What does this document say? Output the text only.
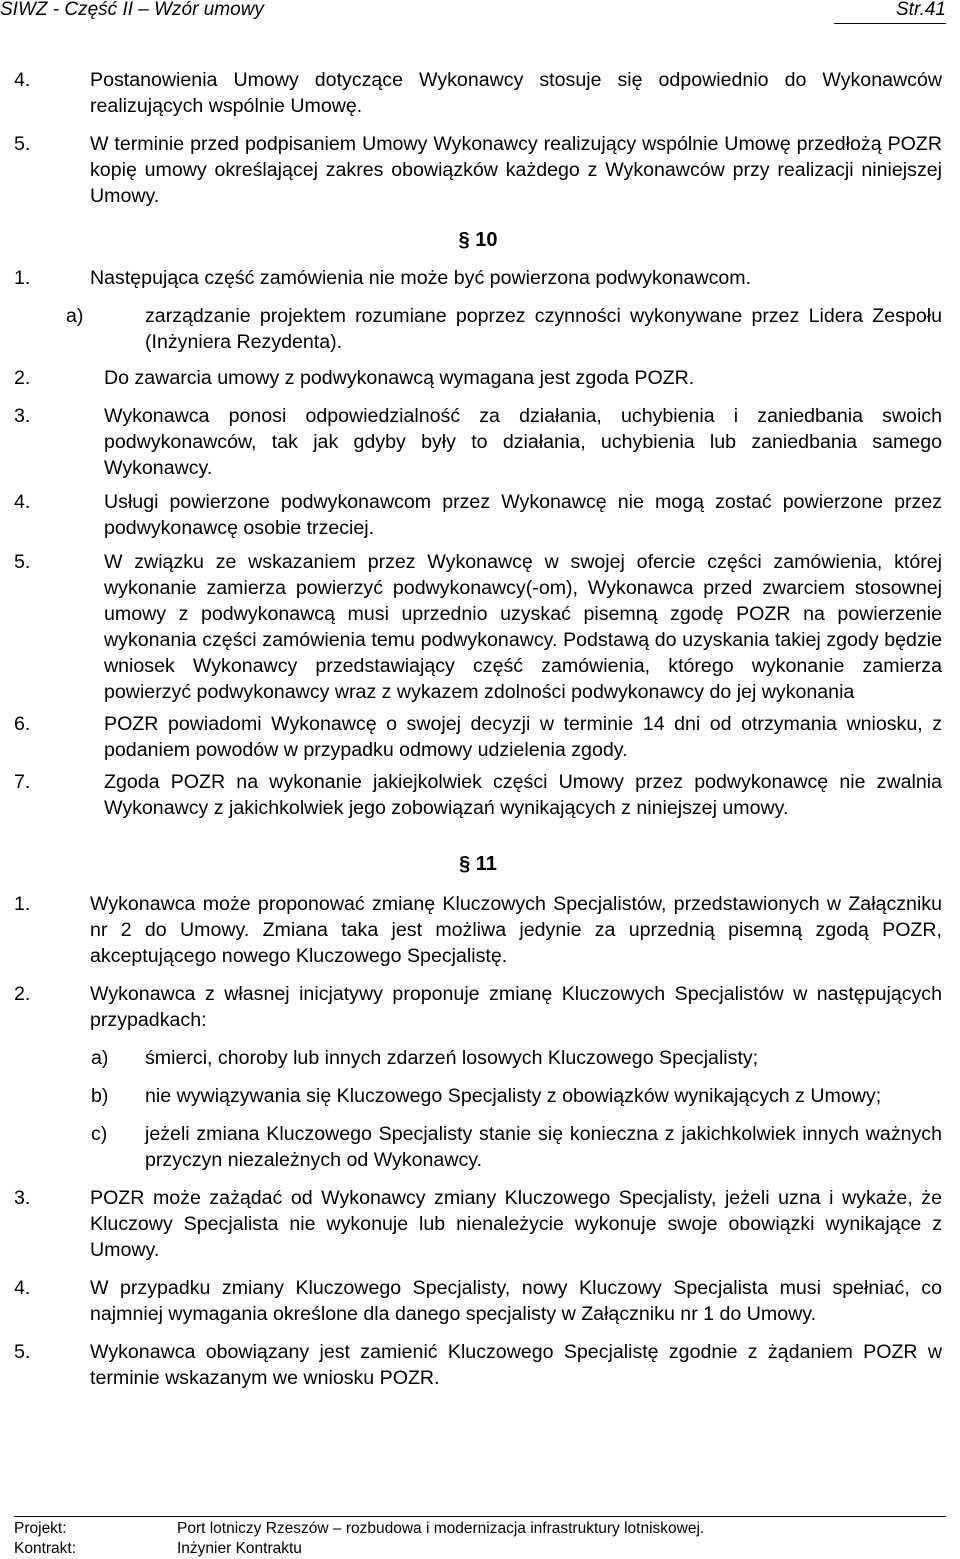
SIWZ - Część II – Wzór umowy	Str.41
4.	Postanowienia Umowy dotyczące Wykonawcy stosuje się odpowiednio do Wykonawców realizujących wspólnie Umowę.
5.	W terminie przed podpisaniem Umowy Wykonawcy realizujący wspólnie Umowę przedłożą POZR kopię umowy określającej zakres obowiązków każdego z Wykonawców przy realizacji niniejszej Umowy.
§ 10
1.	Następująca część zamówienia nie może być powierzona podwykonawcom.
a)	zarządzanie projektem rozumiane poprzez czynności wykonywane przez Lidera Zespołu (Inżyniera Rezydenta).
2.	Do zawarcia umowy z podwykonawcą wymagana jest zgoda POZR.
3.	Wykonawca ponosi odpowiedzialność za działania, uchybienia i zaniedbania swoich podwykonawców, tak jak gdyby były to działania, uchybienia lub zaniedbania samego Wykonawcy.
4.	Usługi powierzone podwykonawcom przez Wykonawcę nie mogą zostać powierzone przez podwykonawcę osobie trzeciej.
5.	W związku ze wskazaniem przez Wykonawcę w swojej ofercie części zamówienia, której wykonanie zamierza powierzyć podwykonawcy(-om), Wykonawca przed zwarciem stosownej umowy z podwykonawcą musi uprzednio uzyskać pisemną zgodę POZR na powierzenie wykonania części zamówienia temu podwykonawcy. Podstawą do uzyskania takiej zgody będzie wniosek Wykonawcy przedstawiający część zamówienia, którego wykonanie zamierza powierzyć podwykonawcy wraz z wykazem zdolności podwykonawcy do jej wykonania
6.	POZR powiadomi Wykonawcę o swojej decyzji w terminie 14 dni od otrzymania wniosku, z podaniem powodów w przypadku odmowy udzielenia zgody.
7.	Zgoda POZR na wykonanie jakiejkolwiek części Umowy przez podwykonawcę nie zwalnia Wykonawcy z jakichkolwiek jego zobowiązań wynikających z niniejszej umowy.
§ 11
1.	Wykonawca może proponować zmianę Kluczowych Specjalistów, przedstawionych w Załączniku nr 2 do Umowy. Zmiana taka jest możliwa jedynie za uprzednią pisemną zgodą POZR, akceptującego nowego Kluczowego Specjalistę.
2.	Wykonawca z własnej inicjatywy proponuje zmianę Kluczowych Specjalistów w następujących przypadkach:
a) śmierci, choroby lub innych zdarzeń losowych Kluczowego Specjalisty;
b) nie wywiązywania się Kluczowego Specjalisty z obowiązków wynikających z Umowy;
c) jeżeli zmiana Kluczowego Specjalisty stanie się konieczna z jakichkolwiek innych ważnych przyczyn niezależnych od Wykonawcy.
3.	POZR może zażądać od Wykonawcy zmiany Kluczowego Specjalisty, jeżeli uzna i wykaże, że Kluczowy Specjalista nie wykonuje lub nienależycie wykonuje swoje obowiązki wynikające z Umowy.
4.	W przypadku zmiany Kluczowego Specjalisty, nowy Kluczowy Specjalista musi spełniać, co najmniej wymagania określone dla danego specjalisty w Załączniku nr 1 do Umowy.
5.	Wykonawca obowiązany jest zamienić Kluczowego Specjalistę zgodnie z żądaniem POZR w terminie wskazanym we wniosku POZR.
Projekt:	Port lotniczy Rzeszów – rozbudowa i modernizacja infrastruktury lotniskowej.
Kontrakt:	Inżynier Kontraktu
